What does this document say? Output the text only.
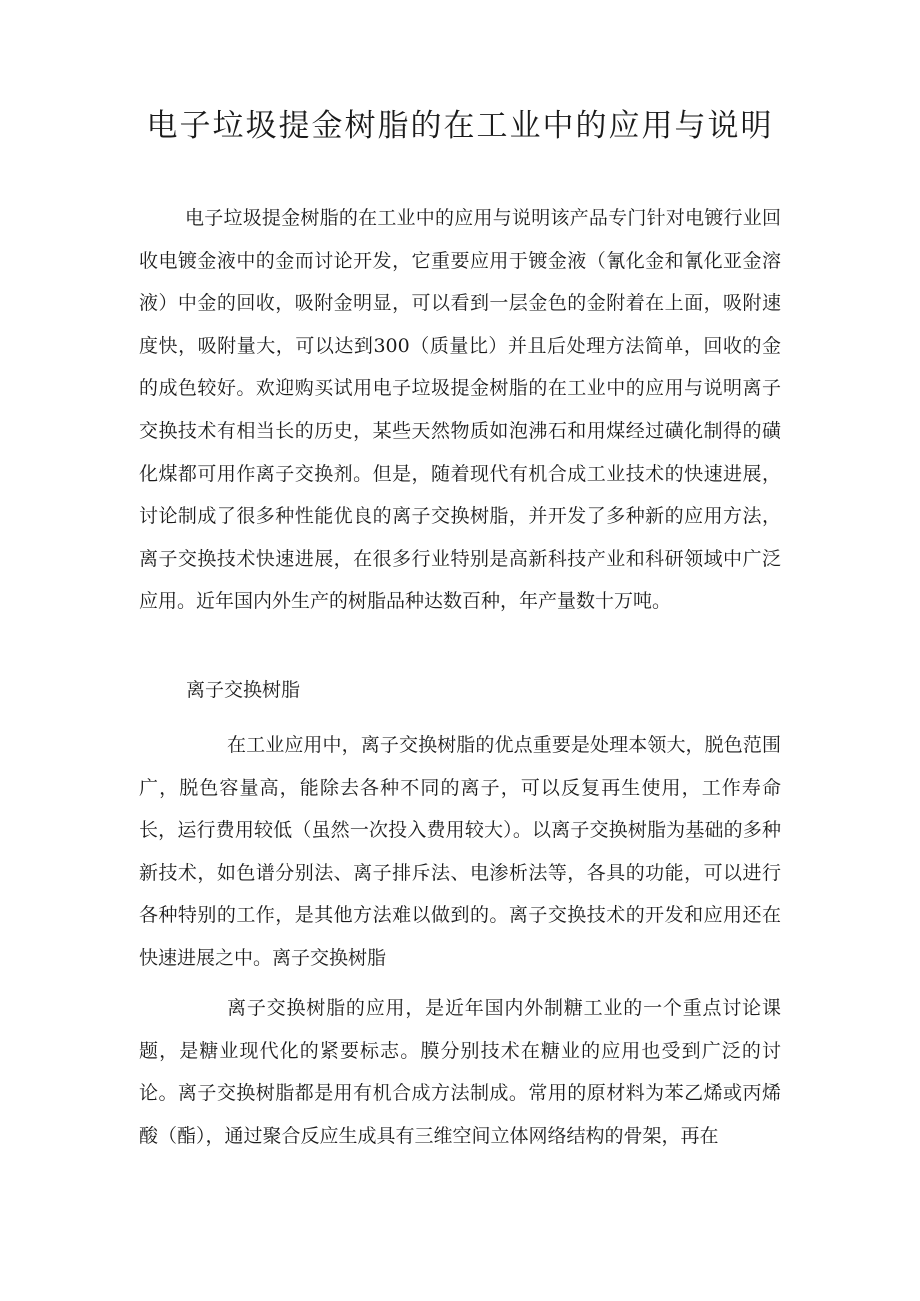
电子垃圾提金树脂的在工业中的应用与说明

电子垃圾提金树脂的在工业中的应用与说明该产品专门针对电镀行业回收电镀金液中的金而讨论开发，它重要应用于镀金液（氰化金和氰化亚金溶液）中金的回收，吸附金明显，可以看到一层金色的金附着在上面，吸附速度快，吸附量大，可以达到300（质量比）并且后处理方法简单，回收的金的成色较好。欢迎购买试用电子垃圾提金树脂的在工业中的应用与说明离子交换技术有相当长的历史，某些天然物质如泡沸石和用煤经过磺化制得的磺化煤都可用作离子交换剂。但是，随着现代有机合成工业技术的快速进展，讨论制成了很多种性能优良的离子交换树脂，并开发了多种新的应用方法，离子交换技术快速进展，在很多行业特别是高新科技产业和科研领域中广泛应用。近年国内外生产的树脂品种达数百种，年产量数十万吨。

离子交换树脂

在工业应用中，离子交换树脂的优点重要是处理本领大，脱色范围广，脱色容量高，能除去各种不同的离子，可以反复再生使用，工作寿命长，运行费用较低（虽然一次投入费用较大）。以离子交换树脂为基础的多种新技术，如色谱分别法、离子排斥法、电渗析法等，各具的功能，可以进行各种特别的工作，是其他方法难以做到的。离子交换技术的开发和应用还在快速进展之中。离子交换树脂

离子交换树脂的应用，是近年国内外制糖工业的一个重点讨论课题，是糖业现代化的紧要标志。膜分别技术在糖业的应用也受到广泛的讨论。离子交换树脂都是用有机合成方法制成。常用的原材料为苯乙烯或丙烯酸（酯），通过聚合反应生成具有三维空间立体网络结构的骨架，再在
